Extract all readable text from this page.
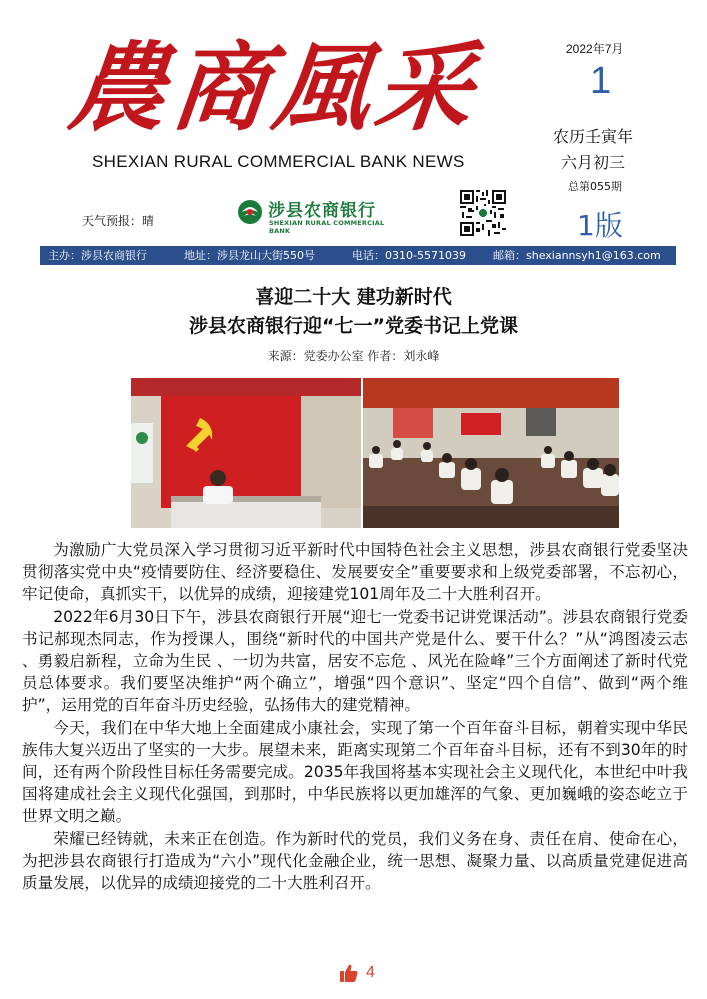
農商風采
SHEXIAN RURAL COMMERCIAL BANK NEWS
2022年7月
1
农历壬寅年
六月初三
总第055期
1版
天气预报：晴	涉县农商银行
SHEXIAN RURAL COMMERCIAL BANK
主办：涉县农商银行	地址：涉县龙山大街550号	电话：0310-5571039 邮箱：shexiannsyh1@163.com
喜迎二十大 建功新时代
涉县农商银行迎“七一”党委书记上党课
来源：党委办公室 作者：刘永峰

为激励广大党员深入学习贯彻习近平新时代中国特色社会主义思想，涉县农商银行党委坚决贯彻落实党中央“疫情要防住、经济要稳住、发展要安全”重要要求和上级党委部署，不忘初心，牢记使命，真抓实干，以优异的成绩，迎接建党101周年及二十大胜利召开。

2022年6月30日下午，涉县农商银行开展“迎七一党委书记讲党课活动”。涉县农商银行党委书记郝现杰同志，作为授课人，围绕“新时代的中国共产党是什么、要干什么？”从“鸿图凌云志 、勇毅启新程，立命为生民 、一切为共富，居安不忘危 、风光在险峰”三个方面阐述了新时代党员总体要求。我们要坚决维护“两个确立”，增强“四个意识”、坚定“四个自信”、做到“两个维护”，运用党的百年奋斗历史经验，弘扬伟大的建党精神。

今天，我们在中华大地上全面建成小康社会，实现了第一个百年奋斗目标，朝着实现中华民族伟大复兴迈出了坚实的一大步。展望未来，距离实现第二个百年奋斗目标，还有不到30年的时间，还有两个阶段性目标任务需要完成。2035年我国将基本实现社会主义现代化，本世纪中叶我国将建成社会主义现代化强国，到那时，中华民族将以更加雄浑的气象、更加巍峨的姿态屹立于世界文明之巅。

荣耀已经铸就，未来正在创造。作为新时代的党员，我们义务在身、责任在肩、使命在心，为把涉县农商银行打造成为“六小”现代化金融企业，统一思想、凝聚力量、以高质量党建促进高质量发展，以优异的成绩迎接党的二十大胜利召开。

4
